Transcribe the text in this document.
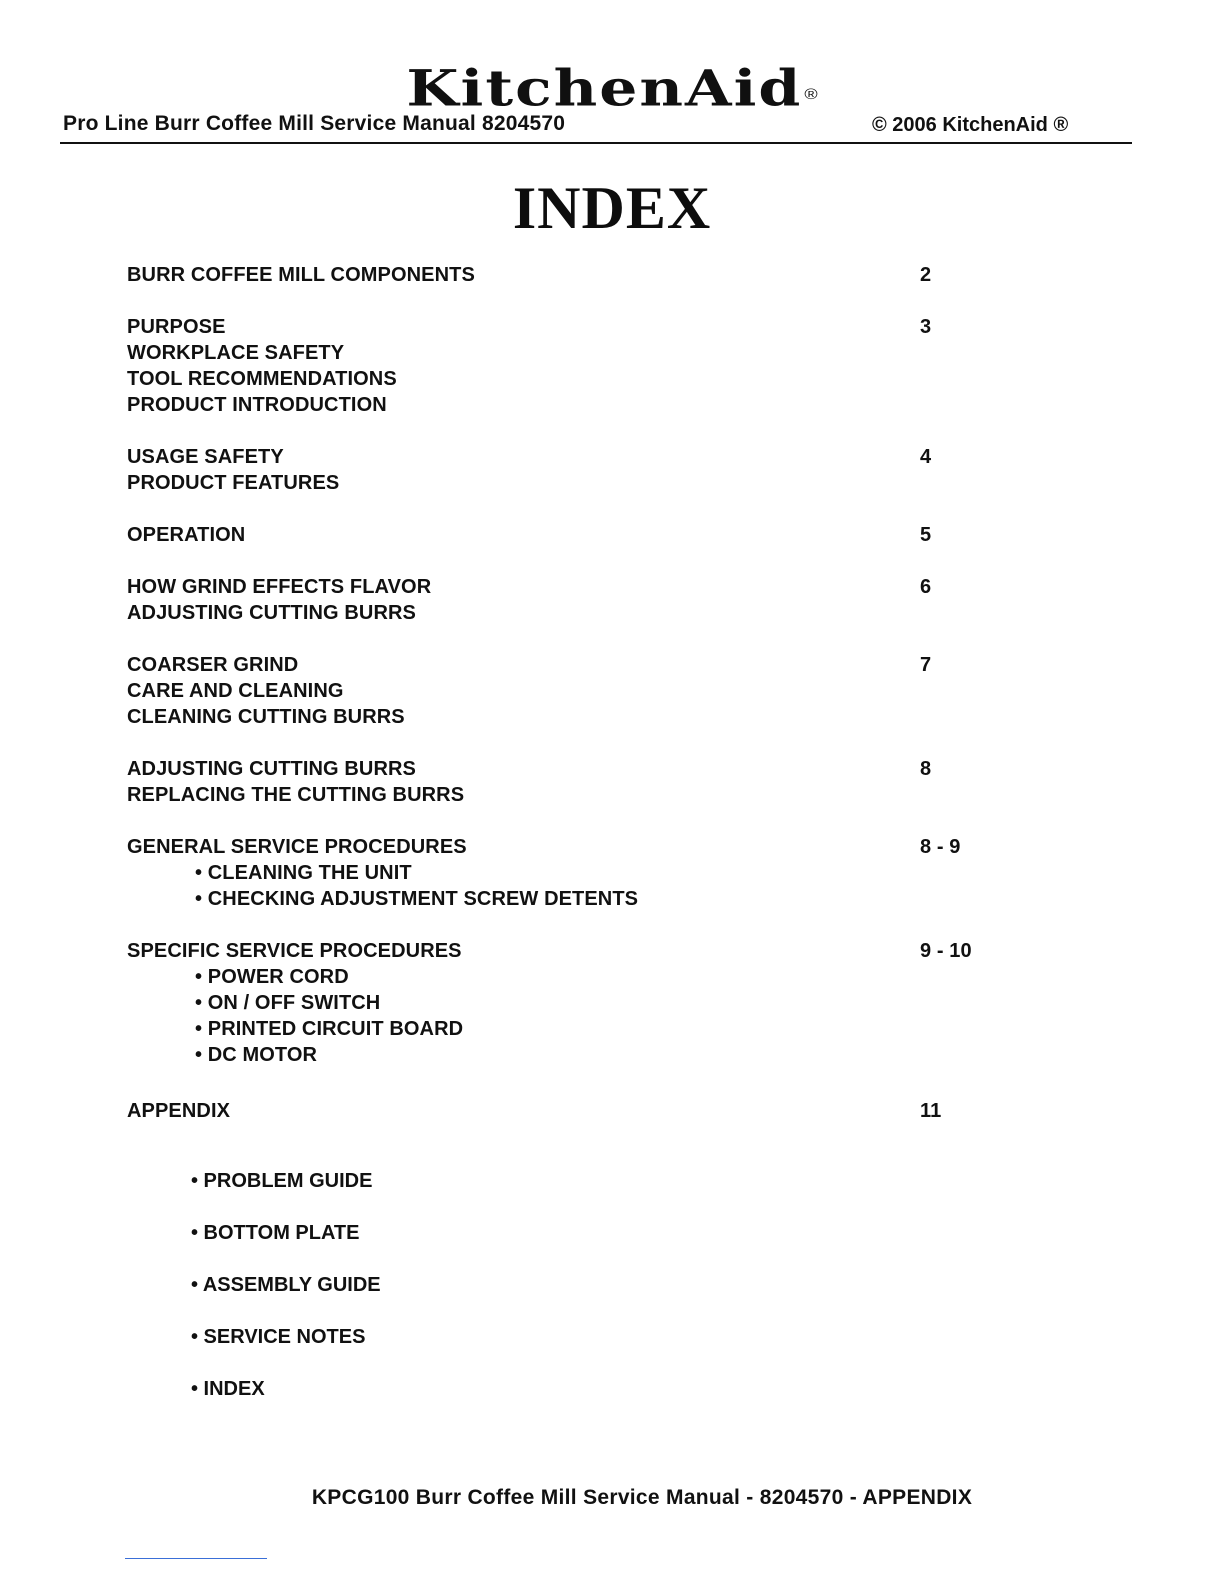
KitchenAid ®
Pro Line Burr Coffee Mill Service Manual 8204570	© 2006 KitchenAid ®
INDEX
BURR COFFEE MILL COMPONENTS	2
PURPOSE	3
WORKPLACE SAFETY
TOOL RECOMMENDATIONS
PRODUCT INTRODUCTION
USAGE SAFETY	4
PRODUCT FEATURES
OPERATION	5
HOW GRIND EFFECTS FLAVOR	6
ADJUSTING CUTTING BURRS
COARSER GRIND	7
CARE AND CLEANING
CLEANING CUTTING BURRS
ADJUSTING CUTTING BURRS	8
REPLACING THE CUTTING BURRS
GENERAL SERVICE PROCEDURES	8 - 9
• CLEANING THE UNIT
• CHECKING ADJUSTMENT SCREW DETENTS
SPECIFIC SERVICE PROCEDURES	9 - 10
• POWER CORD
• ON / OFF SWITCH
• PRINTED CIRCUIT BOARD
• DC MOTOR
APPENDIX	11
• PROBLEM GUIDE
• BOTTOM PLATE
• ASSEMBLY GUIDE
• SERVICE NOTES
• INDEX
KPCG100 Burr Coffee Mill Service Manual - 8204570 - APPENDIX
